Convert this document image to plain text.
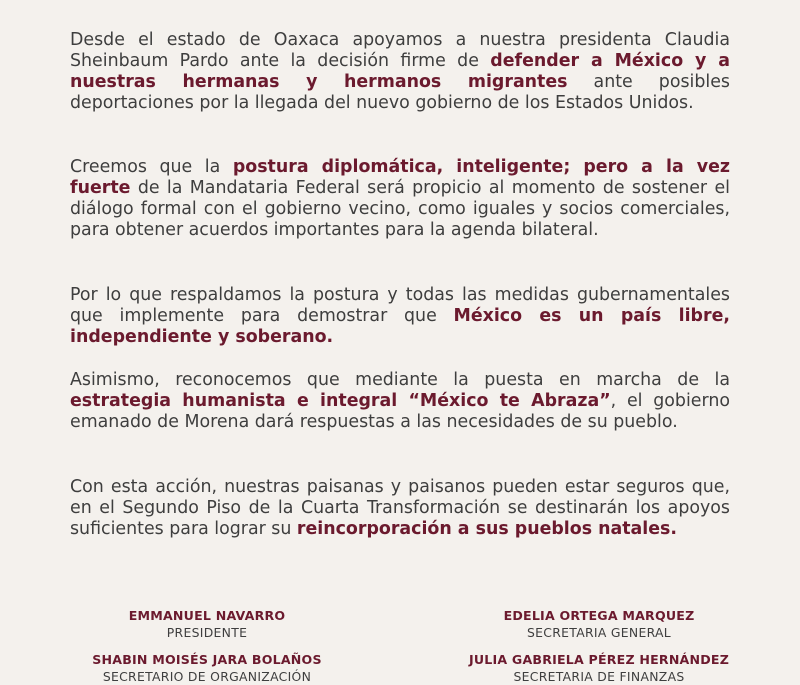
Desde el estado de Oaxaca apoyamos a nuestra presidenta Claudia Sheinbaum Pardo ante la decisión firme de defender a México y a nuestras hermanas y hermanos migrantes ante posibles deportaciones por la llegada del nuevo gobierno de los Estados Unidos.

Creemos que la postura diplomática, inteligente; pero a la vez fuerte de la Mandataria Federal será propicio al momento de sostener el diálogo formal con el gobierno vecino, como iguales y socios comerciales, para obtener acuerdos importantes para la agenda bilateral.

Por lo que respaldamos la postura y todas las medidas gubernamentales que implemente para demostrar que México es un país libre, independiente y soberano.

Asimismo, reconocemos que mediante la puesta en marcha de la estrategia humanista e integral “México te Abraza”, el gobierno emanado de Morena dará respuestas a las necesidades de su pueblo.

Con esta acción, nuestras paisanas y paisanos pueden estar seguros que, en el Segundo Piso de la Cuarta Transformación se destinarán los apoyos suficientes para lograr su reincorporación a sus pueblos natales.

EMMANUEL NAVARRO
PRESIDENTE
EDELIA ORTEGA MARQUEZ
SECRETARIA GENERAL
SHABIN MOISÉS JARA BOLAÑOS
SECRETARIO DE ORGANIZACIÓN
JULIA GABRIELA PÉREZ HERNÁNDEZ
SECRETARIA DE FINANZAS
